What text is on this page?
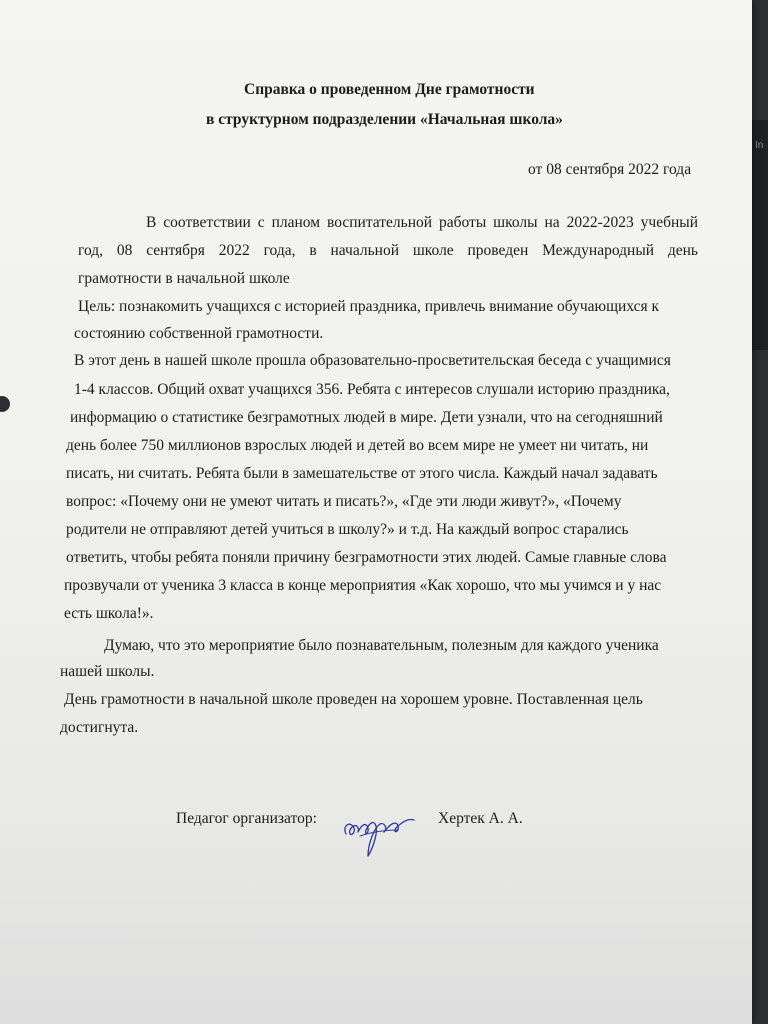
In
Справка о проведенном Дне грамотности
в структурном подразделении «Начальная школа»
от 08 сентября 2022 года
В соответствии с планом воспитательной работы школы на 2022-2023 учебный
год, 08 сентября 2022 года, в начальной школе проведен Международный день
грамотности в начальной школе
Цель: познакомить учащихся с историей праздника, привлечь внимание обучающихся к
состоянию собственной грамотности.
В этот день в нашей школе прошла образовательно-просветительская беседа с учащимися
1-4 классов. Общий охват учащихся 356. Ребята с интересов слушали историю праздника,
информацию о статистике безграмотных людей в мире. Дети узнали, что на сегодняшний
день более 750 миллионов взрослых людей и детей во всем мире не умеет ни читать, ни
писать, ни считать. Ребята были в замешательстве от этого числа. Каждый начал задавать
вопрос: «Почему они не умеют читать и писать?», «Где эти люди живут?», «Почему
родители не отправляют детей учиться в школу?» и т.д. На каждый вопрос старались
ответить, чтобы ребята поняли причину безграмотности этих людей. Самые главные слова
прозвучали от ученика 3 класса в конце мероприятия «Как хорошо, что мы учимся и у нас
есть школа!».
Думаю, что это мероприятие было познавательным, полезным для каждого ученика
нашей школы.
День грамотности в начальной школе проведен на хорошем уровне. Поставленная цель
достигнута.
Педагог организатор:	Хертек А. А.
